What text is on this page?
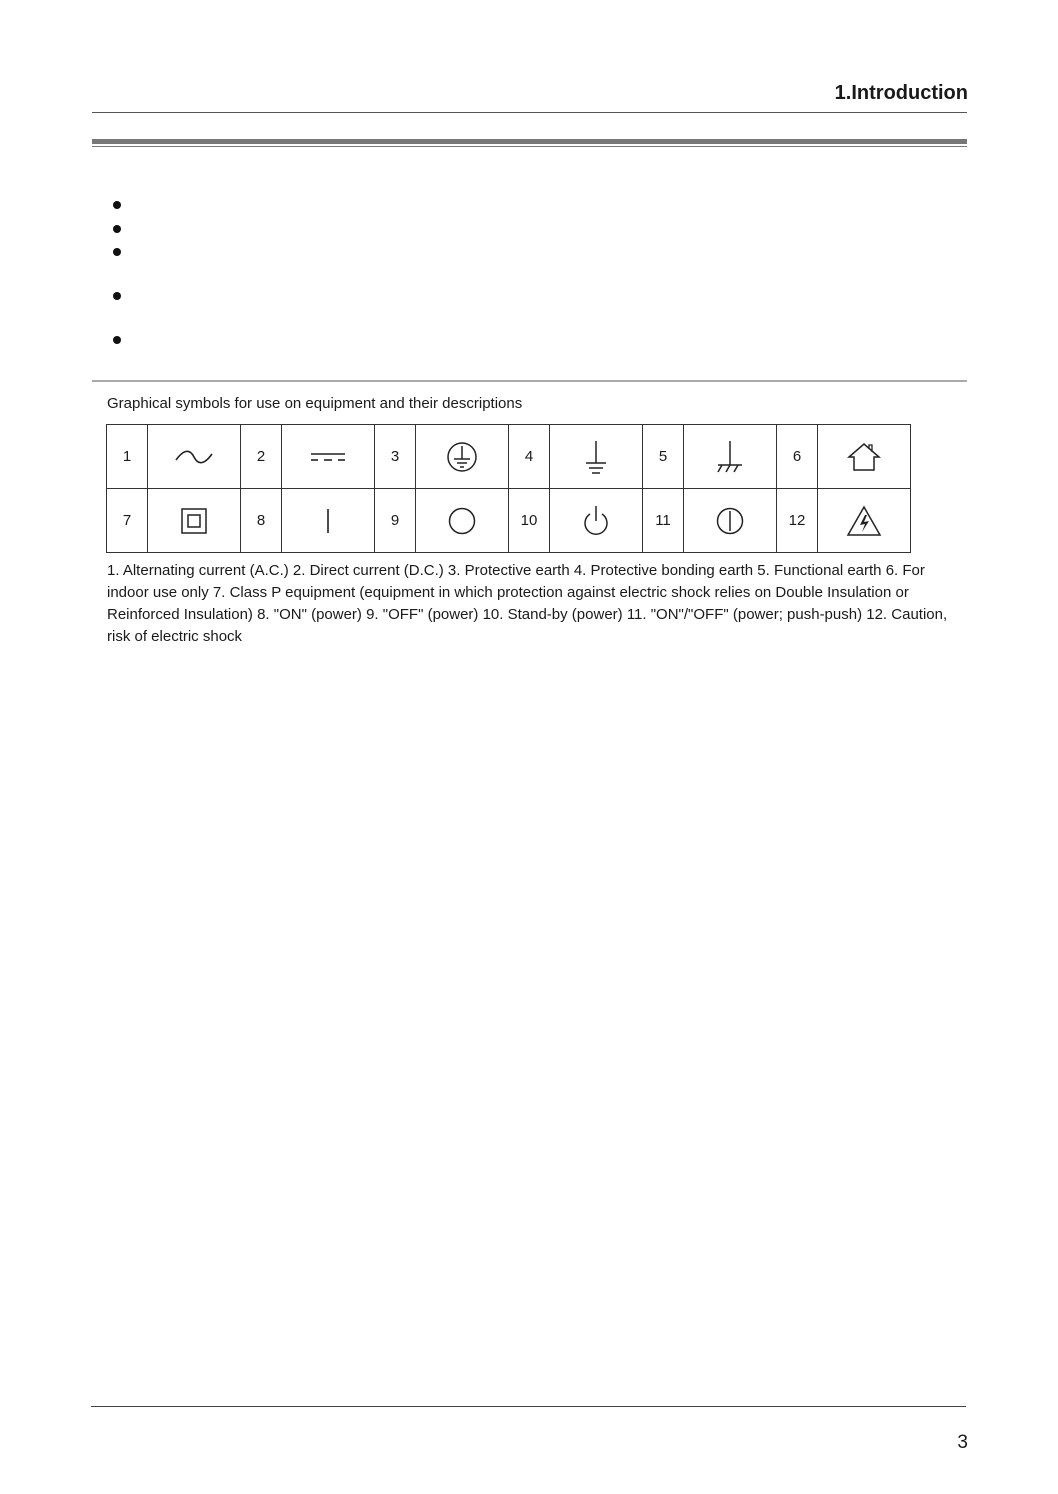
1.Introduction
Graphical symbols for use on equipment and their descriptions
1		2		3		4		5		6	

7		8		9		10		11		12	
1. Alternating current (A.C.) 2. Direct current (D.C.) 3. Protective earth 4. Protective bonding earth 5. Functional earth 6. For indoor use only 7. Class P equipment (equipment in which protection against electric shock relies on Double Insulation or Reinforced Insulation) 8. "ON" (power) 9. "OFF" (power) 10. Stand-by (power) 11. "ON"/"OFF" (power; push-push) 12. Caution, risk of electric shock
3
